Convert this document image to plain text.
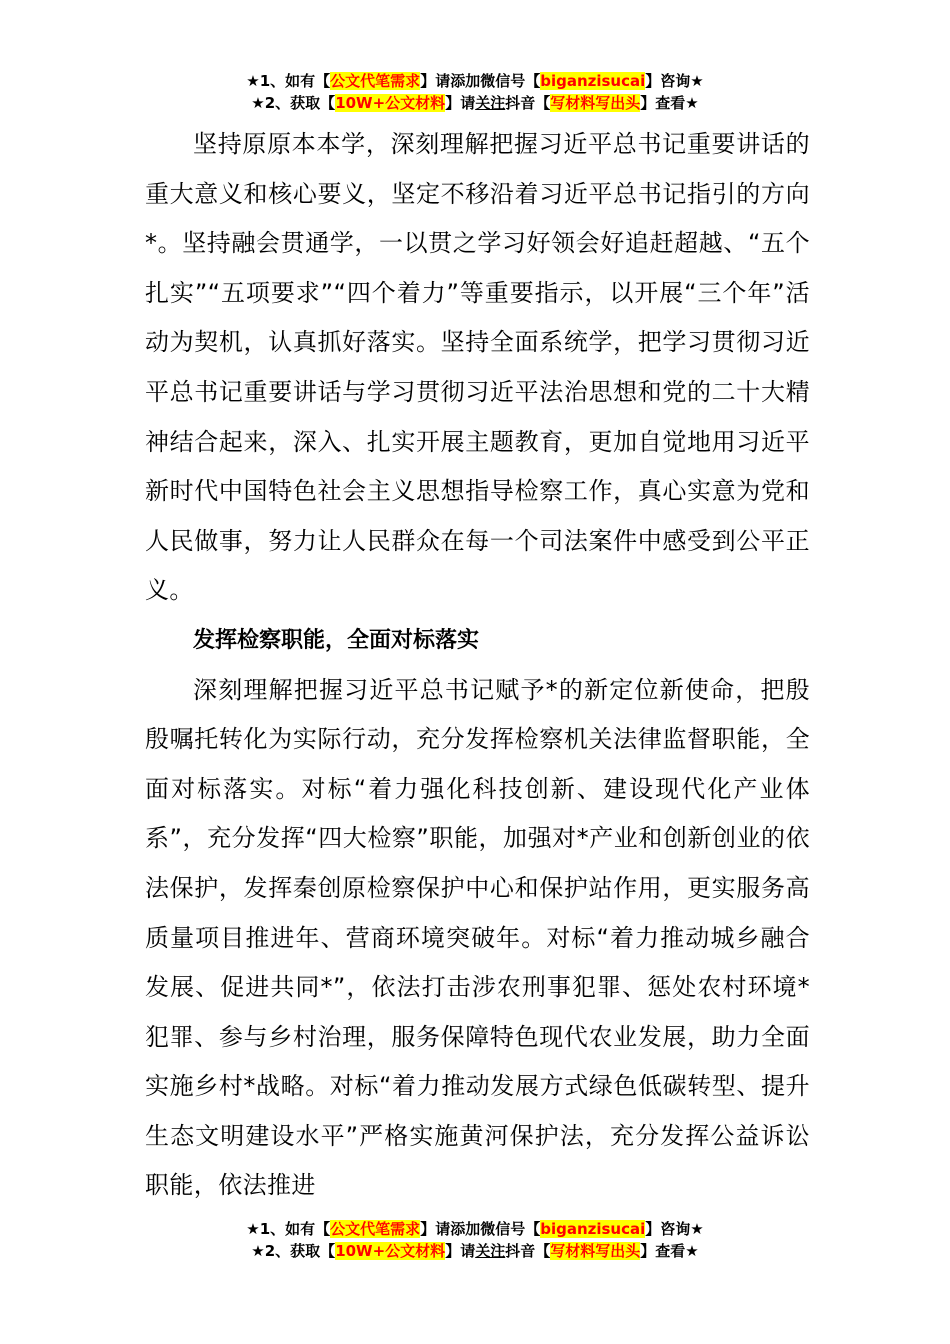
★1、如有【公文代笔需求】请添加微信号【biganzisucai】咨询★
★2、获取【10W+公文材料】请关注抖音【写材料写出头】查看★

坚持原原本本学，深刻理解把握习近平总书记重要讲话的重大意义和核心要义，坚定不移沿着习近平总书记指引的方向*。坚持融会贯通学，一以贯之学习好领会好追赶超越、“五个扎实”“五项要求”“四个着力”等重要指示，以开展“三个年”活动为契机，认真抓好落实。坚持全面系统学，把学习贯彻习近平总书记重要讲话与学习贯彻习近平法治思想和党的二十大精神结合起来，深入、扎实开展主题教育，更加自觉地用习近平新时代中国特色社会主义思想指导检察工作，真心实意为党和人民做事，努力让人民群众在每一个司法案件中感受到公平正义。

发挥检察职能，全面对标落实

深刻理解把握习近平总书记赋予*的新定位新使命，把殷殷嘱托转化为实际行动，充分发挥检察机关法律监督职能，全面对标落实。对标“着力强化科技创新、建设现代化产业体系”，充分发挥“四大检察”职能，加强对*产业和创新创业的依法保护，发挥秦创原检察保护中心和保护站作用，更实服务高质量项目推进年、营商环境突破年。对标“着力推动城乡融合发展、促进共同*”，依法打击涉农刑事犯罪、惩处农村环境*犯罪、参与乡村治理，服务保障特色现代农业发展，助力全面实施乡村*战略。对标“着力推动发展方式绿色低碳转型、提升生态文明建设水平”严格实施黄河保护法，充分发挥公益诉讼职能，依法推进

★1、如有【公文代笔需求】请添加微信号【biganzisucai】咨询★
★2、获取【10W+公文材料】请关注抖音【写材料写出头】查看★
